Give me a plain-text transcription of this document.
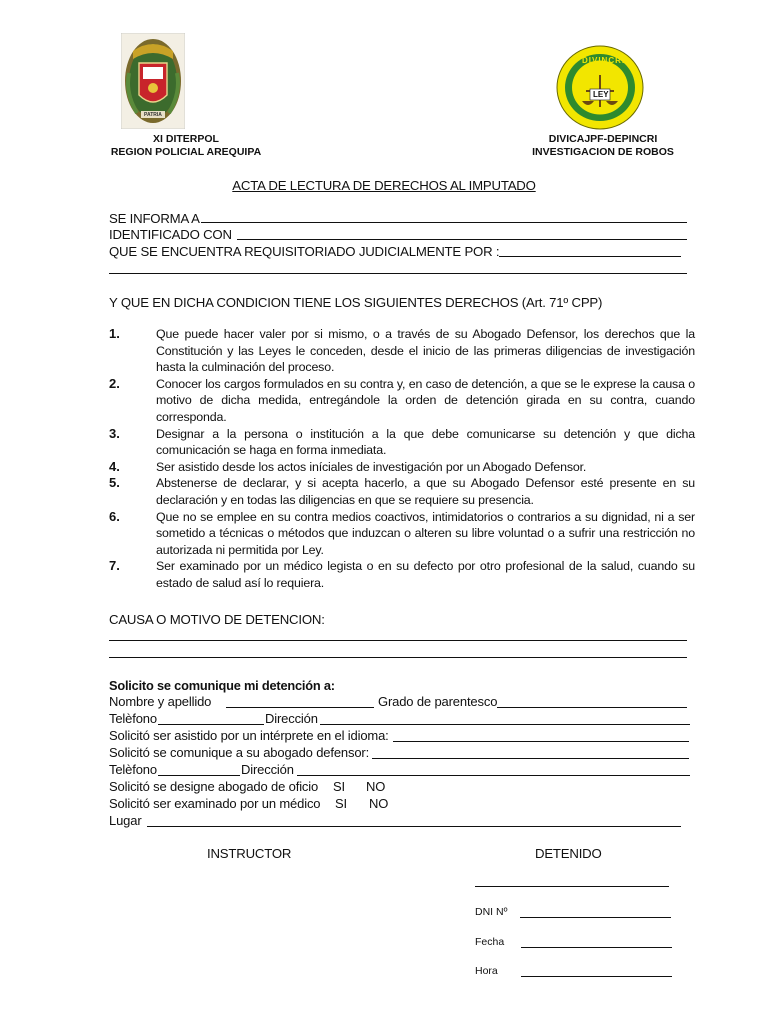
PATRIA
XI DITERPOL
REGION POLICIAL AREQUIPA
DIVINCRI
LEY
DIVICAJPF-DEPINCRI
INVESTIGACION DE ROBOS
ACTA DE LECTURA DE DERECHOS AL IMPUTADO
SE INFORMA A
IDENTIFICADO CON
QUE SE ENCUENTRA REQUISITORIADO JUDICIALMENTE POR :
Y QUE EN DICHA CONDICION TIENE LOS SIGUIENTES DERECHOS (Art. 71º CPP)
1.	Que puede hacer valer por si mismo, o a través de su Abogado Defensor, los derechos que la Constitución y las Leyes le conceden, desde el inicio de las primeras diligencias de investigación hasta la culminación del proceso.
2.	Conocer los cargos formulados en su contra y, en caso de detención, a que se le exprese la causa o motivo de dicha medida, entregándole la orden de detención girada en su contra, cuando corresponda.
3.	Designar a la persona o institución a la que debe comunicarse su detención y que dicha comunicación se haga en forma inmediata.
4.	Ser asistido desde los actos iníciales de investigación por un Abogado Defensor.
5.	Abstenerse de declarar, y si acepta hacerlo, a que su Abogado Defensor esté presente en su declaración y en todas las diligencias en que se requiere su presencia.
6.	Que no se emplee en su contra medios coactivos, intimidatorios o contrarios a su dignidad, ni a ser sometido a técnicas o métodos que induzcan o alteren su libre voluntad o a sufrir una restricción no autorizada ni permitida por Ley.
7.	Ser examinado por un médico legista o en su defecto por otro profesional de la salud, cuando su estado de salud así lo requiera.
CAUSA O MOTIVO DE DETENCION:
Solicito se comunique mi detención a:
Nombre y apellido	Grado de parentesco
Telèfono	Dirección
Solicitó ser asistido por un intérprete en el idioma:
Solicitó se comunique a su abogado defensor:
Telèfono	Dirección
Solicitó se designe abogado de oficio SI NO
Solicitó ser examinado por un médico SI NO
Lugar
INSTRUCTOR	DETENIDO
DNI Nº
Fecha
Hora
